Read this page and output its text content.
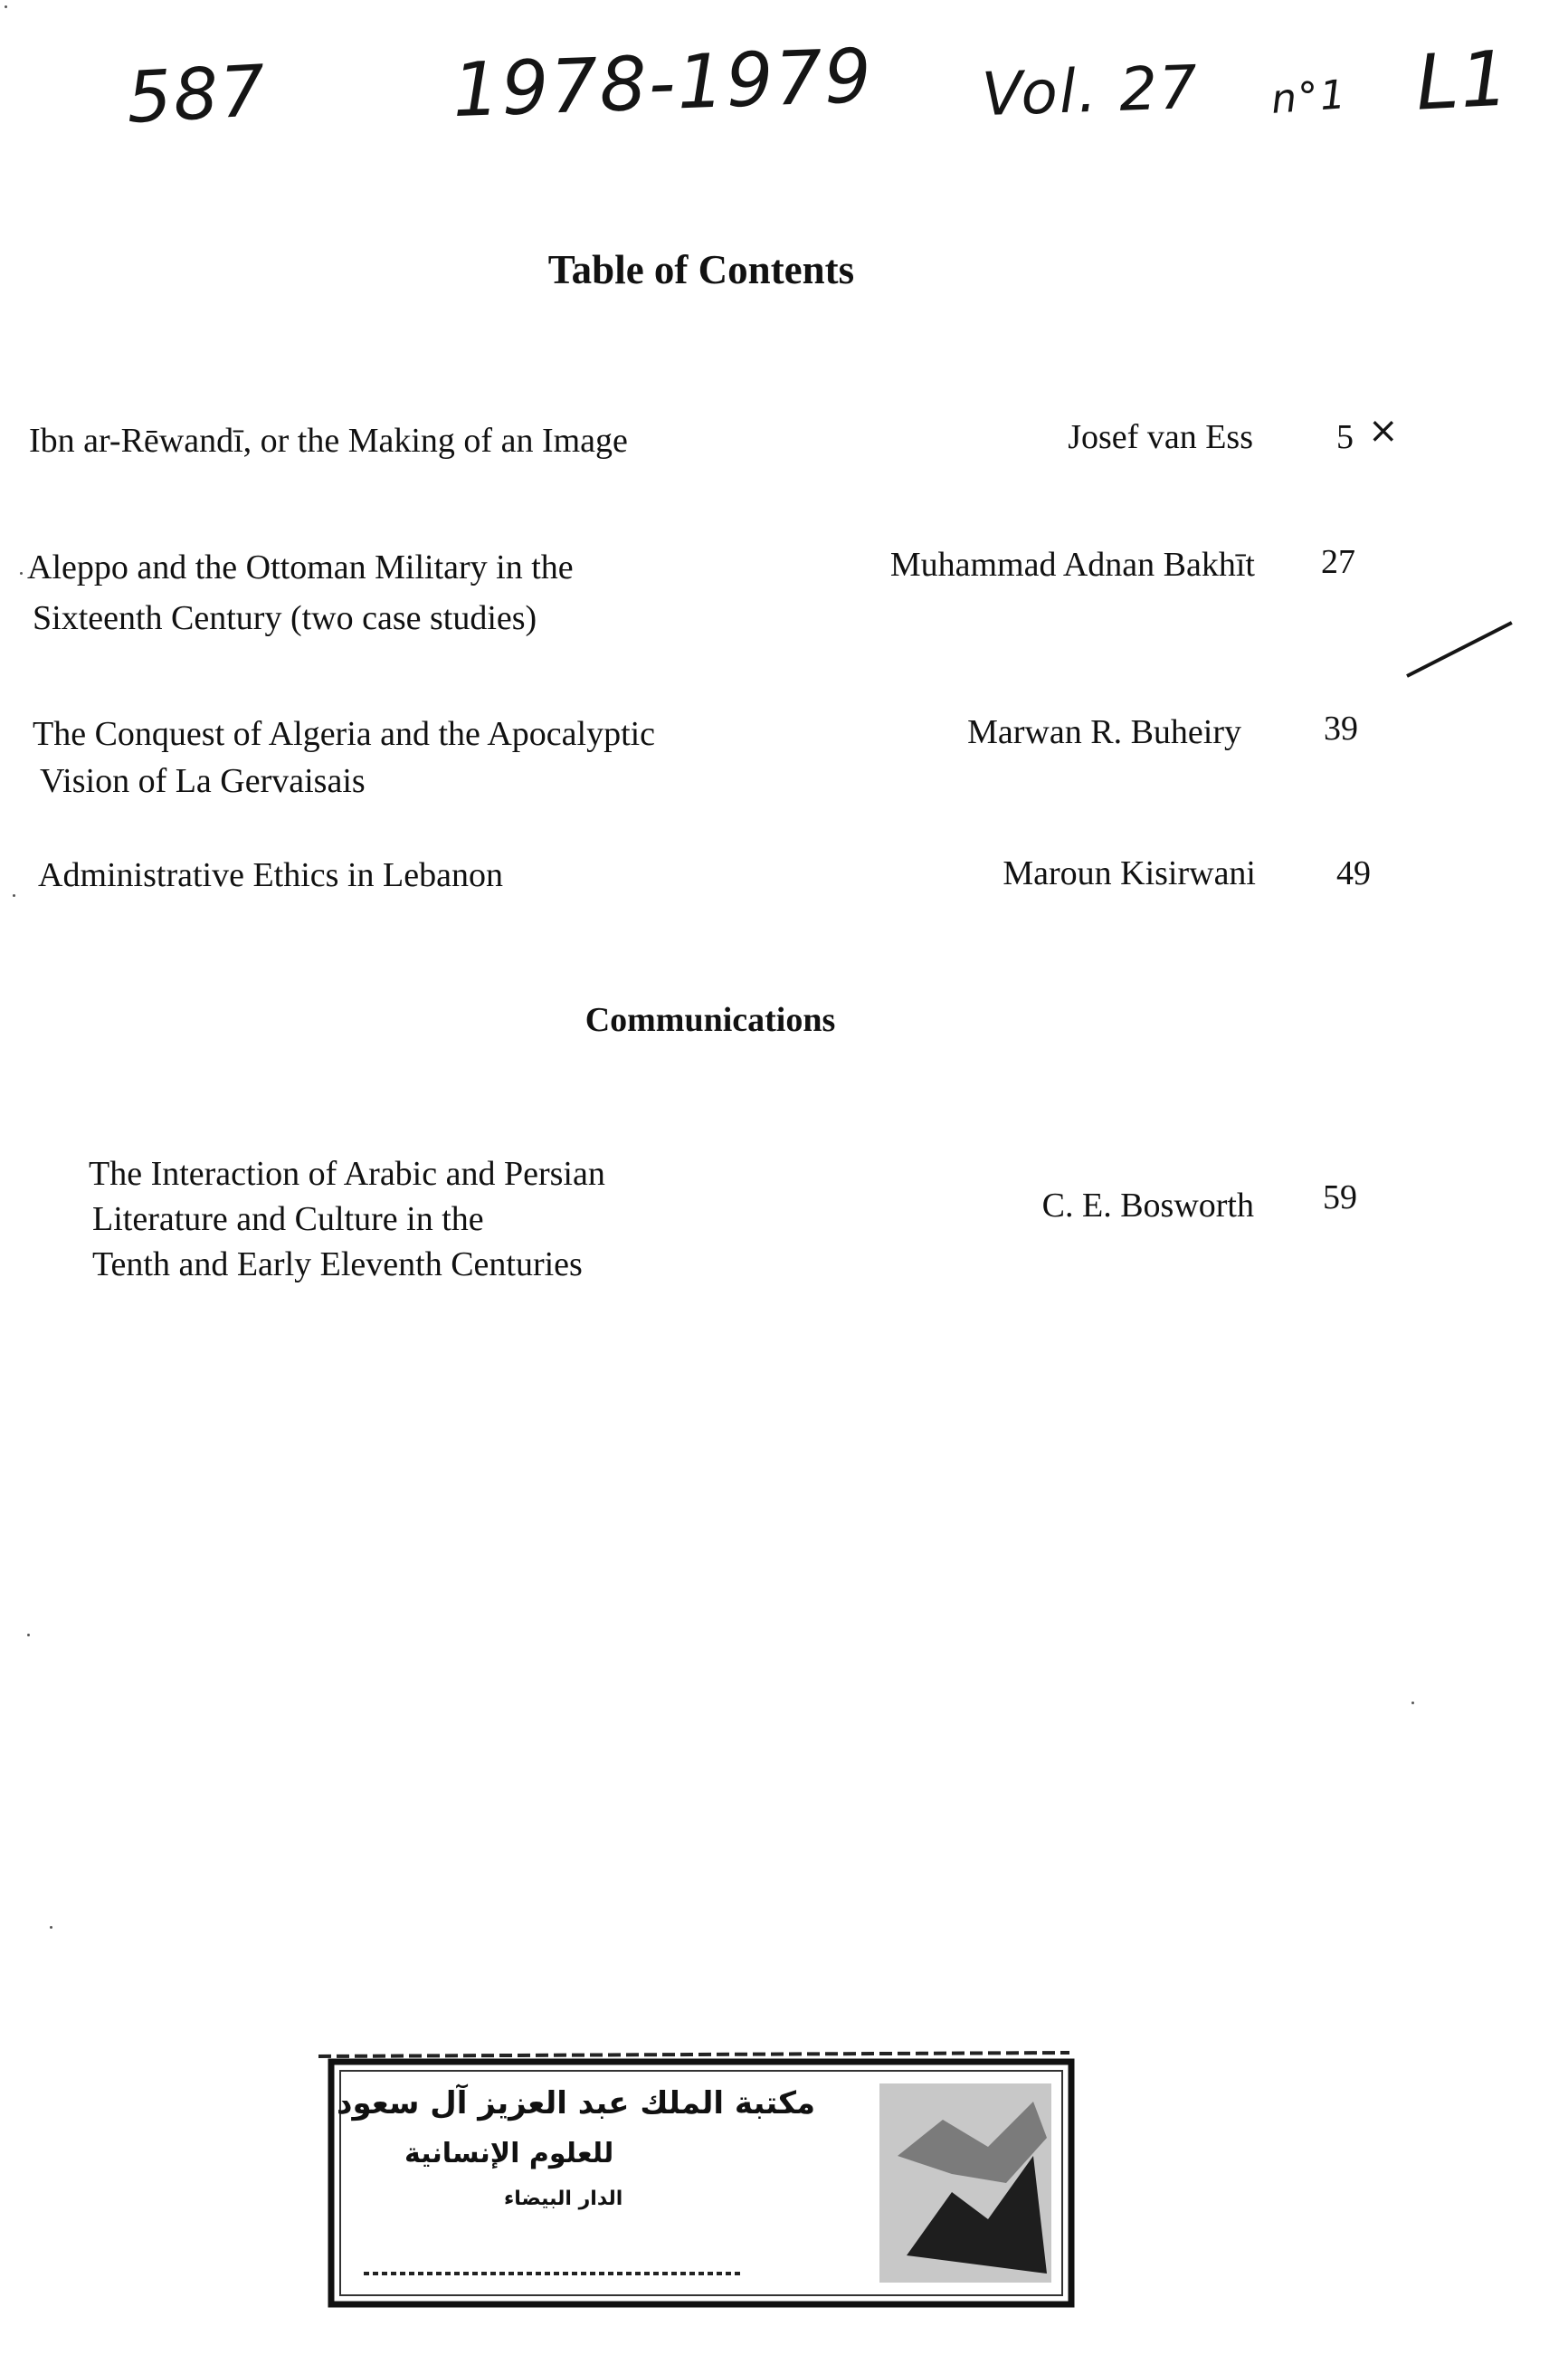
587 1978-1979 Vol. 27 n°1 L1
Table of Contents
Ibn ar-Rēwandī, or the Making of an Image	Josef van Ess 5 ×
Aleppo and the Ottoman Military in the
Sixteenth Century (two case studies)
Muhammad Adnan Bakhīt 27
The Conquest of Algeria and the Apocalyptic
Vision of La Gervaisais
Marwan R. Buheiry 39
Administrative Ethics in Lebanon	Maroun Kisirwani 49
Communications
The Interaction of Arabic and Persian
Literature and Culture in the
Tenth and Early Eleventh Centuries
C. E. Bosworth 59
مكتبة الملك عبد العزيز آل سعود
للعلوم الإنسانية
الدار البيضاء
